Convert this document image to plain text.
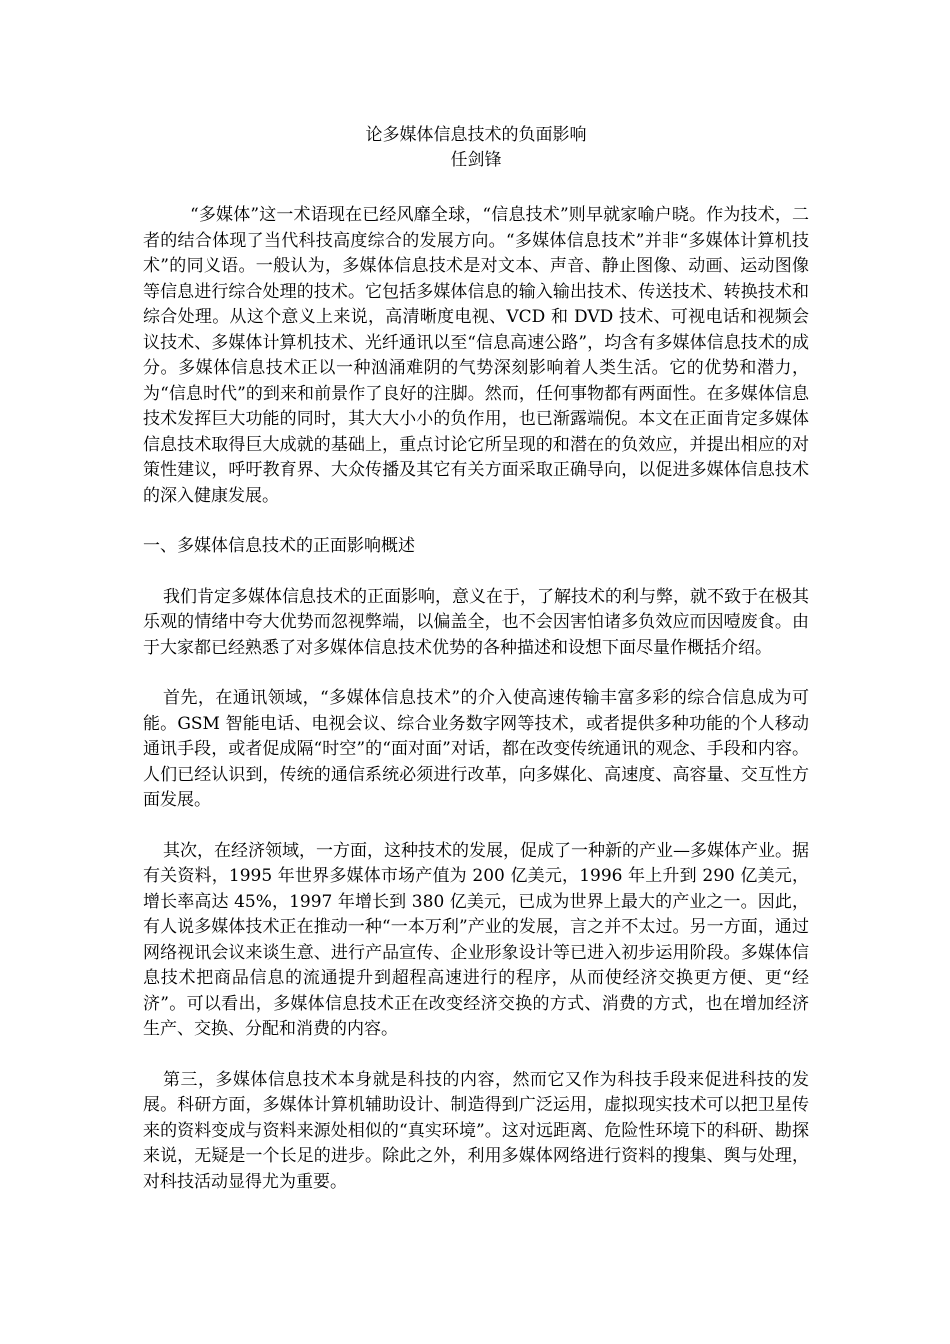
论多媒体信息技术的负面影响

任剑锋

“多媒体”这一术语现在已经风靡全球，“信息技术”则早就家喻户晓。作为技术，二者的结合体现了当代科技高度综合的发展方向。“多媒体信息技术”并非“多媒体计算机技术”的同义语。一般认为，多媒体信息技术是对文本、声音、静止图像、动画、运动图像等信息进行综合处理的技术。它包括多媒体信息的输入输出技术、传送技术、转换技术和综合处理。从这个意义上来说，高清晰度电视、VCD 和 DVD 技术、可视电话和视频会议技术、多媒体计算机技术、光纤通讯以至“信息高速公路”，均含有多媒体信息技术的成分。多媒体信息技术正以一种汹涌难阴的气势深刻影响着人类生活。它的优势和潜力，为“信息时代”的到来和前景作了良好的注脚。然而，任何事物都有两面性。在多媒体信息技术发挥巨大功能的同时，其大大小小的负作用，也已渐露端倪。本文在正面肯定多媒体信息技术取得巨大成就的基础上，重点讨论它所呈现的和潜在的负效应，并提出相应的对策性建议，呼吁教育界、大众传播及其它有关方面采取正确导向，以促进多媒体信息技术的深入健康发展。

一、多媒体信息技术的正面影响概述

我们肯定多媒体信息技术的正面影响，意义在于，了解技术的利与弊，就不致于在极其乐观的情绪中夸大优势而忽视弊端，以偏盖全，也不会因害怕诸多负效应而因噎废食。由于大家都已经熟悉了对多媒体信息技术优势的各种描述和设想下面尽量作概括介绍。

首先，在通讯领域，“多媒体信息技术”的介入使高速传输丰富多彩的综合信息成为可能。GSM 智能电话、电视会议、综合业务数字网等技术，或者提供多种功能的个人移动通讯手段，或者促成隔“时空”的“面对面”对话，都在改变传统通讯的观念、手段和内容。人们已经认识到，传统的通信系统必须进行改革，向多媒化、高速度、高容量、交互性方面发展。

其次，在经济领域，一方面，这种技术的发展，促成了一种新的产业—多媒体产业。据有关资料，1995 年世界多媒体市场产值为 200 亿美元，1996 年上升到 290 亿美元，增长率高达 45%，1997 年增长到 380 亿美元，已成为世界上最大的产业之一。因此，有人说多媒体技术正在推动一种“一本万利”产业的发展，言之并不太过。另一方面，通过网络视讯会议来谈生意、进行产品宣传、企业形象设计等已进入初步运用阶段。多媒体信息技术把商品信息的流通提升到超程高速进行的程序，从而使经济交换更方便、更“经济”。可以看出，多媒体信息技术正在改变经济交换的方式、消费的方式，也在增加经济生产、交换、分配和消费的内容。

第三，多媒体信息技术本身就是科技的内容，然而它又作为科技手段来促进科技的发展。科研方面，多媒体计算机辅助设计、制造得到广泛运用，虚拟现实技术可以把卫星传来的资料变成与资料来源处相似的“真实环境”。这对远距离、危险性环境下的科研、勘探来说，无疑是一个长足的进步。除此之外，利用多媒体网络进行资料的搜集、舆与处理，对科技活动显得尤为重要。
